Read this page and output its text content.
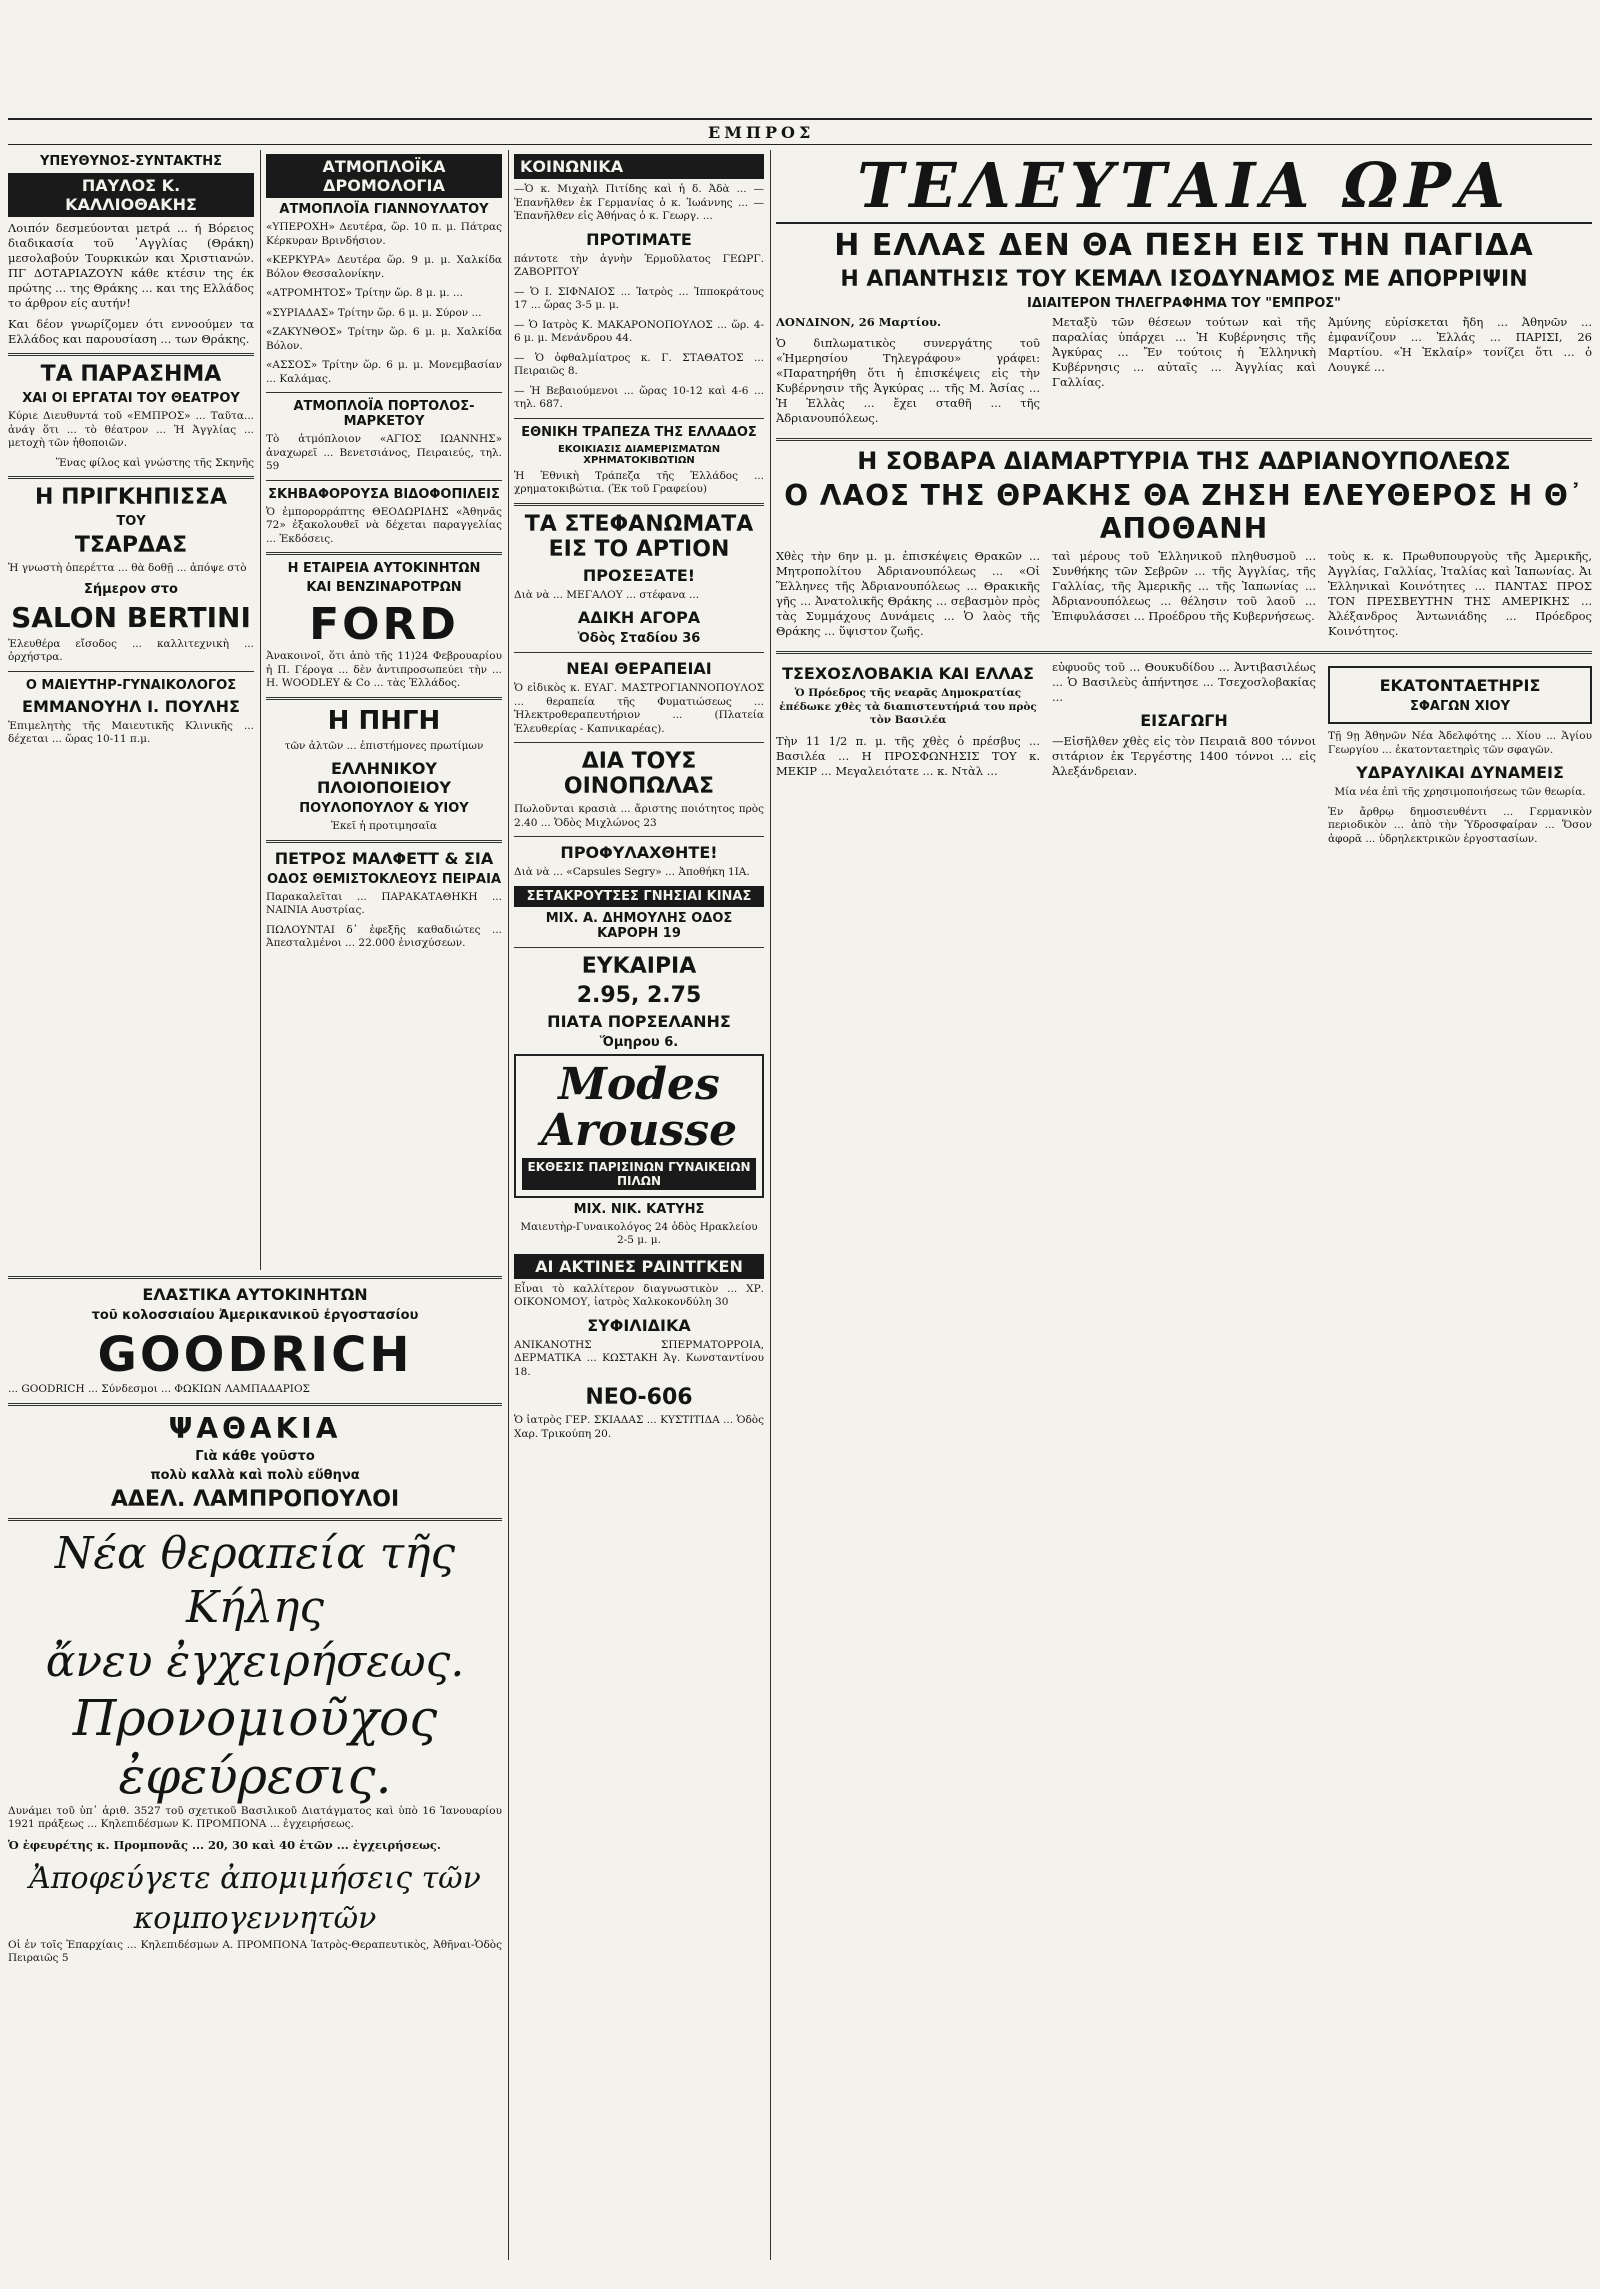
ΕΜΠΡΟΣ
ΥΠΕΥΘΥΝΟΣ-ΣΥΝΤΑΚΤΗΣ
ΠΑΥΛΟΣ Κ. ΚΑΛΛΙΟΘΑΚΗΣ

Λοιπόν δεσμεύονται μετρά ... ή Βόρειος διαδικασία τοῦ ᾽Αγγλίας (Θράκη) μεσολαβούν Τουρκικών και Χριστιανών. ΠΓ ΔΟΤΑΡΙΑΖΟΥΝ κάθε κτέσιν της έκ πρώτης ... της Θράκης ... και της Ελλάδος το άρθρον είς αυτήν!

Και δέον γνωρίζομεν ότι εννοούμεν τα Ελλάδος και παρουσίαση ... των Θράκης.

ΤΑ ΠΑΡΑΣΗΜΑ
ΧΑΙ ΟΙ ΕΡΓΑΤΑΙ ΤΟΥ ΘΕΑΤΡΟΥ

Κύριε Διευθυντά τοῦ «ΕΜΠΡΟΣ» ... Ταῦτα... ἀνάγ ὅτι ... τὸ θέατρον ... Ἡ Ἀγγλίας ... μετοχὴ τῶν ἡθοποιῶν.

Ἕνας φίλος καὶ γνώστης τῆς Σκηνῆς

Η ΠΡΙΓΚΗΠΙΣΣΑ
ΤΟΥ
ΤΣΑΡΔΑΣ

Ἡ γνωστὴ ὀπερέττα ... θὰ δοθῇ ... ἀπόψε στὸ

Σήμερον στο
SALON BERTINI

Ἐλευθέρα εἴσοδος ... καλλιτεχνικὴ ... ὀρχήστρα.

Ο ΜΑΙΕΥΤΗΡ-ΓΥΝΑΙΚΟΛΟΓΟΣ
ΕΜΜΑΝΟΥΗΛ Ι. ΠΟΥΛΗΣ

Ἐπιμελητὴς τῆς Μαιευτικῆς Κλινικῆς ... δέχεται ... ὥρας 10-11 π.μ.

ΑΤΜΟΠΛΟΪΚΑ ΔΡΟΜΟΛΟΓΙΑ
ΑΤΜΟΠΛΟΪΑ ΓΙΑΝΝΟΥΛΑΤΟΥ

«ΥΠΕΡΟΧΗ» Δευτέρα, ὥρ. 10 π. μ. Πάτρας Κέρκυραν Βρινδήσιον.

«ΚΕΡΚΥΡΑ» Δευτέρα ὥρ. 9 μ. μ. Χαλκίδα Βόλον Θεσσαλονίκην.

«ΑΤΡΟΜΗΤΟΣ» Τρίτην ὥρ. 8 μ. μ. ...

«ΣΥΡΙΑΔΑΣ» Τρίτην ὥρ. 6 μ. μ. Σύρον ...

«ΖΑΚΥΝΘΟΣ» Τρίτην ὥρ. 6 μ. μ. Χαλκίδα Βόλον.

«ΑΣΣΟΣ» Τρίτην ὥρ. 6 μ. μ. Μονεμβασίαν ... Καλάμας.

ΑΤΜΟΠΛΟΪΑ ΠΟΡΤΟΛΟΣ-ΜΑΡΚΕΤΟΥ

Τὸ ἀτμόπλοιον «ΑΓΙΟΣ ΙΩΑΝΝΗΣ» ἀναχωρεῖ ... Βενετσιάνος, Πειραιεύς, τηλ. 59

ΣΚΗΒΑΦΟΡΟΥΣΑ ΒΙΔΟΦΟΠΙΛΕΙΣ

Ὁ ἐμπορορράπτης ΘΕΟΔΩΡΙΔΗΣ «Ἁθηνᾶς 72» ἐξακολουθεῖ νὰ δέχεται παραγγελίας ... Ἐκδόσεις.

Η ΕΤΑΙΡΕΙΑ ΑΥΤΟΚΙΝΗΤΩΝ
ΚΑΙ ΒΕΝΖΙΝΑΡΟΤΡΩΝ
FORD

Ἀνακοινοῖ, ὅτι ἀπὸ τῆς 11)24 Φεβρουαρίου ἡ Π. Γέρογα ... δὲν ἀντιπροσωπεύει τὴν ... H. WOODLEY & Co ... τὰς Ἐλλάδος.

Η ΠΗΓΗ

τῶν ἀλτῶν ... ἐπιστήμονες πρωτίμων

ΕΛΛΗΝΙΚΟΥ ΠΛΟΙΟΠΟΙΕΙΟΥ
ΠΟΥΛΟΠΟΥΛΟΥ & ΥΙΟΥ

Ἐκεῖ ἡ προτιμησαῖα

ΠΕΤΡΟΣ ΜΑΛΦΕΤΤ & ΣΙΑ
ΟΔΟΣ ΘΕΜΙΣΤΟΚΛΕΟΥΣ ΠΕΙΡΑΙΑ

Παρακαλεῖται ... ΠΑΡΑΚΑΤΑΘΗΚΗ ... ΝΑΙΝΙΑ Αυστρίας.

ΠΩΛΟΥΝΤΑΙ δ᾽ ἐφεξῆς καθαδιώτες ... Ἀπεσταλμένοι ... 22.000 ἐνισχύσεων.

ΚΟΙΝΩΝΙΚΑ

—Ὁ κ. Μιχαὴλ Πιτίδης καὶ ἡ δ. Ἀδὰ ... —Ἐπανῆλθεν ἐκ Γερμανίας ὁ κ. Ἰωάννης ... — Ἐπανῆλθεν εἰς Ἀθήνας ὁ κ. Γεωργ. ...

ΠΡΟΤΙΜΑΤΕ

πάντοτε τὴν ἁγνὴν Ἐρμοῦλατος ΓΕΩΡΓ. ΖΑΒΟΡΙΤΟΥ

— Ὁ Ι. ΣΙΦΝΑΙΟΣ ... Ἰατρὸς ... Ἰπποκράτους 17 ... ὥρας 3-5 μ. μ.

— Ὁ Ιατρὸς Κ. ΜΑΚΑΡΟΝΟΠΟΥΛΟΣ ... ὥρ. 4-6 μ. μ. Μενάνδρου 44.

— Ὁ ὀφθαλμίατρος κ. Γ. ΣΤΑΘΑΤΟΣ ... Πειραιῶς 8.

— Ἡ Βεβαιούμενοι ... ὥρας 10-12 καὶ 4-6 ... τηλ. 687.

ΕΘΝΙΚΗ ΤΡΑΠΕΖΑ ΤΗΣ ΕΛΛΑΔΟΣ
ΕΚΟΙΚΙΑΣΙΣ ΔΙΑΜΕΡΙΣΜΑΤΩΝ ΧΡΗΜΑΤΟΚΙΒΩΤΙΩΝ

Ἡ Ἐθνικὴ Τράπεζα τῆς Ἑλλάδος ... χρηματοκιβώτια. (Ἐκ τοῦ Γραφείου)

ΤΑ ΣΤΕΦΑΝΩΜΑΤΑ ΕΙΣ ΤΟ ΑΡΤΙΟΝ
ΠΡΟΣΕΞΑΤΕ!

Διὰ νὰ ... ΜΕΓΑΛΟΥ ... στέφανα ...

ΑΔΙΚΗ ΑΓΟΡΑ
Ὁδὸς Σταδίου 36
ΝΕΑΙ ΘΕΡΑΠΕΙΑΙ

Ὁ εἰδικὸς κ. ΕΥΑΓ. ΜΑΣΤΡΟΓΙΑΝΝΟΠΟΥΛΟΣ ... θεραπεία τῆς Φυματιώσεως ... Ἡλεκτροθεραπευτήριον ... (Πλατεία Ἐλευθερίας - Καπνικαρέας).

ΔΙΑ ΤΟΥΣ ΟΙΝΟΠΩΛΑΣ

Πωλοῦνται κρασιὰ ... ἄριστης ποιότητος πρὸς 2.40 ... Ὁδὸς Μιχλώνος 23

ΠΡΟΦΥΛΑΧΘΗΤΕ!

Διὰ νὰ ... «Capsules Segry» ... Ἀποθήκη 1ΙΑ.

ΣΕΤΑΚΡΟΥΤΣΕΣ ΓΝΗΣΙΑΙ ΚΙΝΑΣ
ΜΙΧ. Α. ΔΗΜΟΥΛΗΣ ΟΔΟΣ ΚΑΡΟΡΗ 19
ΕΥΚΑΙΡΙΑ
2.95, 2.75
ΠΙΑΤΑ ΠΟΡΣΕΛΑΝΗΣ
Ὅμηρου 6.
Modes
Arousse
ΕΚΘΕΣΙΣ ΠΑΡΙΣΙΝΩΝ ΓΥΝΑΙΚΕΙΩΝ ΠΙΛΩΝ
ΜΙΧ. ΝΙΚ. ΚΑΤΥΗΣ

Μαιευτὴρ-Γυναικολόγος 24 ὁδὸς Ηρακλείου 2-5 μ. μ.

ΑΙ ΑΚΤΙΝΕΣ ΡΑΙΝΤΓΚΕΝ

Εἶναι τὸ καλλίτερον διαγνωστικὸν ... ΧΡ. ΟΙΚΟΝΟΜΟΥ, ἰατρὸς Χαλκοκονδύλη 30

ΣΥΦΙΛΙΔΙΚΑ

ΑΝΙΚΑΝΟΤΗΣ ΣΠΕΡΜΑΤΟΡΡΟΙΑ, ΔΕΡΜΑΤΙΚΑ ... ΚΩΣΤΑΚΗ Ἀγ. Κωνσταντίνου 18.

ΝΕΟ-606

Ὁ ἰατρὸς ΓΕΡ. ΣΚΙΑΔΑΣ ... ΚΥΣΤΙΤΙΔΑ ... Ὁδὸς Χαρ. Τρικούπη 20.

ΤΕΛΕΥΤΑΙΑ ΩΡΑ
Η ΕΛΛΑΣ ΔΕΝ ΘΑ ΠΕΣΗ ΕΙΣ ΤΗΝ ΠΑΓΙΔΑ
Η ΑΠΑΝΤΗΣΙΣ ΤΟΥ ΚΕΜΑΛ ΙΣΟΔΥΝΑΜΟΣ ΜΕ ΑΠΟΡΡΙΨΙΝ
ΙΔΙΑΙΤΕΡΟΝ ΤΗΛΕΓΡΑΦΗΜΑ ΤΟΥ "ΕΜΠΡΟΣ"

ΛΟΝΔΙΝΟΝ, 26 Μαρτίου.

Ὁ διπλωματικὸς συνεργάτης τοῦ «Ἡμερησίου Τηλεγράφου» γράφει: «Παρατηρήθη ὅτι ἡ ἐπισκέψεις εἰς τὴν Κυβέρνησιν τῆς Ἀγκύρας ... τῆς Μ. Ἀσίας ... Ἡ Ἑλλὰς ... ἔχει σταθῆ ... τῆς Ἀδριανουπόλεως.

Μεταξὺ τῶν θέσεων τούτων καὶ τῆς παραλίας ὑπάρχει ... Ἡ Κυβέρνησις τῆς Ἀγκύρας ... Ἔν τούτοις ἡ Ἑλληνικὴ Κυβέρνησις ... αὐταῖς ... Ἀγγλίας καὶ Γαλλίας.

Ἀμύνης εὑρίσκεται ἤδη ... Ἀθηνῶν ... ἐμφανίζουν ... Ἑλλάς ... ΠΑΡΙΣΙ, 26 Μαρτίου. «Ἡ Ἐκλαίρ» τονίζει ὅτι ... ὁ Λουγκέ ...

Η ΣΟΒΑΡΑ ΔΙΑΜΑΡΤΥΡΙΑ ΤΗΣ ΑΔΡΙΑΝΟΥΠΟΛΕΩΣ
Ο ΛΑΟΣ ΤΗΣ ΘΡΑΚΗΣ ΘΑ ΖΗΣΗ ΕΛΕΥΘΕΡΟΣ Η Θ᾽ ΑΠΟΘΑΝΗ

Χθὲς τὴν 6ην μ. μ. ἐπισκέψεις Θρακῶν ... Μητροπολίτου Ἀδριανουπόλεως ... «Οἱ Ἕλληνες τῆς Ἀδριανουπόλεως ... Θρακικῆς γῆς ... Ἀνατολικῆς Θράκης ... σεβασμὸν πρὸς τὰς Συμμάχους Δυνάμεις ... Ὁ λαὸς τῆς Θράκης ... ὕψιστον ζωῆς.

ταὶ μέρους τοῦ Ἑλληνικοῦ πληθυσμοῦ ... Συνθήκης τῶν Σεβρῶν ... τῆς Ἀγγλίας, τῆς Γαλλίας, τῆς Ἀμερικῆς ... τῆς Ἰαπωνίας ... Ἀδριανουπόλεως ... θέλησιν τοῦ λαοῦ ... Ἐπιφυλάσσει ... Προέδρου τῆς Κυβερνήσεως.

τοὺς κ. κ. Πρωθυπουργοὺς τῆς Ἀμερικῆς, Ἀγγλίας, Γαλλίας, Ἰταλίας καὶ Ἰαπωνίας. Ἀι Ἑλληνικαὶ Κοινότητες ... ΠΑΝΤΑΣ ΠΡΟΣ ΤΟΝ ΠΡΕΣΒΕΥΤΗΝ ΤΗΣ ΑΜΕΡΙΚΗΣ ... Ἀλέξανδρος Ἀντωνιάδης ... Πρόεδρος Κοινότητος.

ΤΣΕΧΟΣΛΟΒΑΚΙΑ ΚΑΙ ΕΛΛΑΣ

Ὁ Πρόεδρος τῆς νεαρᾶς Δημοκρατίας ἐπέδωκε χθὲς τὰ διαπιστευτήριά του πρὸς τὸν Βασιλέα

Τὴν 11 1/2 π. μ. τῆς χθὲς ὁ πρέσβυς ... Βασιλέα ... Η ΠΡΟΣΦΩΝΗΣΙΣ ΤΟΥ κ. ΜΕΚΙΡ ... Μεγαλειότατε ... κ. Ντὰλ ...

εὐφυοῦς τοῦ ... Θουκυδίδου ... Ἀντιβασιλέως ... Ὁ Βασιλεὺς ἀπήντησε ... Τσεχοσλοβακίας ...

ΕΙΣΑΓΩΓΗ

—Εἰσῆλθεν χθὲς εἰς τὸν Πειραιᾶ 800 τόννοι σιτάριον ἐκ Τεργέστης 1400 τόννοι ... εἰς Ἀλεξάνδρειαν.

ΕΚΑΤΟΝΤΑΕΤΗΡΙΣ
ΣΦΑΓΩΝ ΧΙΟΥ

Τῇ 9ῃ Ἀθηνῶν Νέα Ἀδελφότης ... Χίου ... Ἁγίου Γεωργίου ... ἐκατονταετηρὶς τῶν σφαγῶν.

ΥΔΡΑΥΛΙΚΑΙ ΔΥΝΑΜΕΙΣ

Μία νέα ἐπὶ τῆς χρησιμοποιήσεως τῶν θεωρία.

Ἐν ἄρθρῳ δημοσιευθέντι ... Γερμανικὸν περιοδικὸν ... ἀπὸ τὴν Ὑδροσφαίραν ... Ὅσον ἀφορᾶ ... ὑδρηλεκτρικῶν ἐργοστασίων.

ΕΛΑΣΤΙΚΑ ΑΥΤΟΚΙΝΗΤΩΝ
τοῦ κολοσσιαίου Ἀμερικανικοῦ ἐργοστασίου
GOODRICH

... GOODRICH ... Σύνδεσμοι ... ΦΩΚΙΩΝ ΛΑΜΠΑΔΑΡΙΟΣ

ΨΑΘΑΚΙΑ
Γιὰ κάθε γοῦστο
πολὺ καλλὰ καὶ πολὺ εὔθηνα
ΑΔΕΛ. ΛΑΜΠΡΟΠΟΥΛΟΙ
Νέα θεραπεία τῆς Κήλης
ἄνευ ἐγχειρήσεως.
Προνομιοῦχος ἐφεύρεσις.

Δυνάμει τοῦ ὑπ᾽ ἀριθ. 3527 τοῦ σχετικοῦ Βασιλικοῦ Διατάγματος καὶ ὑπὸ 16 Ἰανουαρίου 1921 πράξεως ... Κηλεπιδέσμων Κ. ΠΡΟΜΠΟΝΑ ... ἐγχειρήσεως.

Ὁ ἐφευρέτης κ. Προμπονᾶς ... 20, 30 καὶ 40 ἐτῶν ... ἐγχειρήσεως.

Ἀποφεύγετε ἀπομιμήσεις τῶν κομπογεννητῶν

Οἱ ἐν τοῖς Ἐπαρχίαις ... Κηλεπιδέσμων Α. ΠΡΟΜΠΟΝΑ Ἰατρὸς-Θεραπευτικὸς, Ἀθῆναι-Ὁδὸς Πειραιῶς 5
